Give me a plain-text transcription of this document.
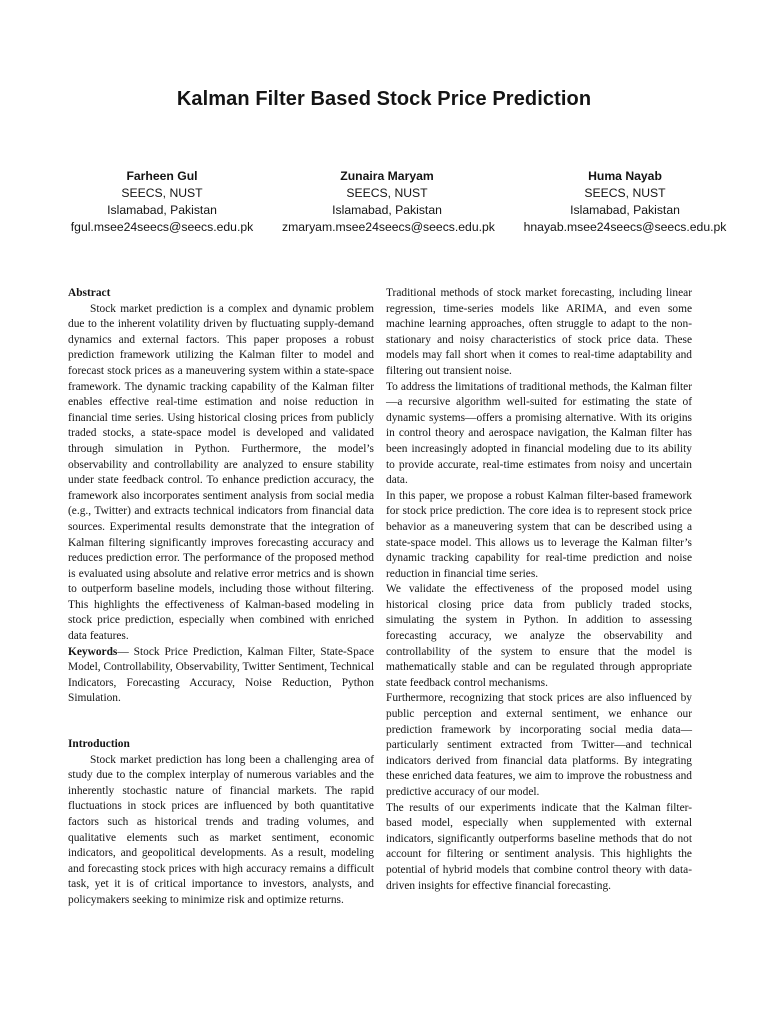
Kalman Filter Based Stock Price Prediction
Farheen Gul
SEECS, NUST
Islamabad, Pakistan
fgul.msee24seecs@seecs.edu.pk
Zunaira Maryam
SEECS, NUST
Islamabad, Pakistan
zmaryam.msee24seecs@seecs.edu.pk
Huma Nayab
SEECS, NUST
Islamabad, Pakistan
hnayab.msee24seecs@seecs.edu.pk
Abstract

Stock market prediction is a complex and dynamic problem due to the inherent volatility driven by fluctuating supply-demand dynamics and external factors. This paper proposes a robust prediction framework utilizing the Kalman filter to model and forecast stock prices as a maneuvering system within a state-space framework. The dynamic tracking capability of the Kalman filter enables effective real-time estimation and noise reduction in financial time series. Using historical closing prices from publicly traded stocks, a state-space model is developed and validated through simulation in Python. Furthermore, the model’s observability and controllability are analyzed to ensure stability under state feedback control. To enhance prediction accuracy, the framework also incorporates sentiment analysis from social media (e.g., Twitter) and extracts technical indicators from financial data sources. Experimental results demonstrate that the integration of Kalman filtering significantly improves forecasting accuracy and reduces prediction error. The performance of the proposed method is evaluated using absolute and relative error metrics and is shown to outperform baseline models, including those without filtering. This highlights the effectiveness of Kalman-based modeling in stock price prediction, especially when combined with enriched data features.

Keywords— Stock Price Prediction, Kalman Filter, State-Space Model, Controllability, Observability, Twitter Sentiment, Technical Indicators, Forecasting Accuracy, Noise Reduction, Python Simulation.

Introduction

Stock market prediction has long been a challenging area of study due to the complex interplay of numerous variables and the inherently stochastic nature of financial markets. The rapid fluctuations in stock prices are influenced by both quantitative factors such as historical trends and trading volumes, and qualitative elements such as market sentiment, economic indicators, and geopolitical developments. As a result, modeling and forecasting stock prices with high accuracy remains a difficult task, yet it is of critical importance to investors, analysts, and policymakers seeking to minimize risk and optimize returns.

Traditional methods of stock market forecasting, including linear regression, time-series models like ARIMA, and even some machine learning approaches, often struggle to adapt to the non-stationary and noisy characteristics of stock price data. These models may fall short when it comes to real-time adaptability and filtering out transient noise.

To address the limitations of traditional methods, the Kalman filter—a recursive algorithm well-suited for estimating the state of dynamic systems—offers a promising alternative. With its origins in control theory and aerospace navigation, the Kalman filter has been increasingly adopted in financial modeling due to its ability to provide accurate, real-time estimates from noisy and uncertain data.

In this paper, we propose a robust Kalman filter-based framework for stock price prediction. The core idea is to represent stock price behavior as a maneuvering system that can be described using a state-space model. This allows us to leverage the Kalman filter’s dynamic tracking capability for real-time prediction and noise reduction in financial time series.

We validate the effectiveness of the proposed model using historical closing price data from publicly traded stocks, simulating the system in Python. In addition to assessing forecasting accuracy, we analyze the observability and controllability of the system to ensure that the model is mathematically stable and can be regulated through appropriate state feedback control mechanisms.

Furthermore, recognizing that stock prices are also influenced by public perception and external sentiment, we enhance our prediction framework by incorporating social media data—particularly sentiment extracted from Twitter—and technical indicators derived from financial data platforms. By integrating these enriched data features, we aim to improve the robustness and predictive accuracy of our model.

The results of our experiments indicate that the Kalman filter-based model, especially when supplemented with external indicators, significantly outperforms baseline methods that do not account for filtering or sentiment analysis. This highlights the potential of hybrid models that combine control theory with data-driven insights for effective financial forecasting.
